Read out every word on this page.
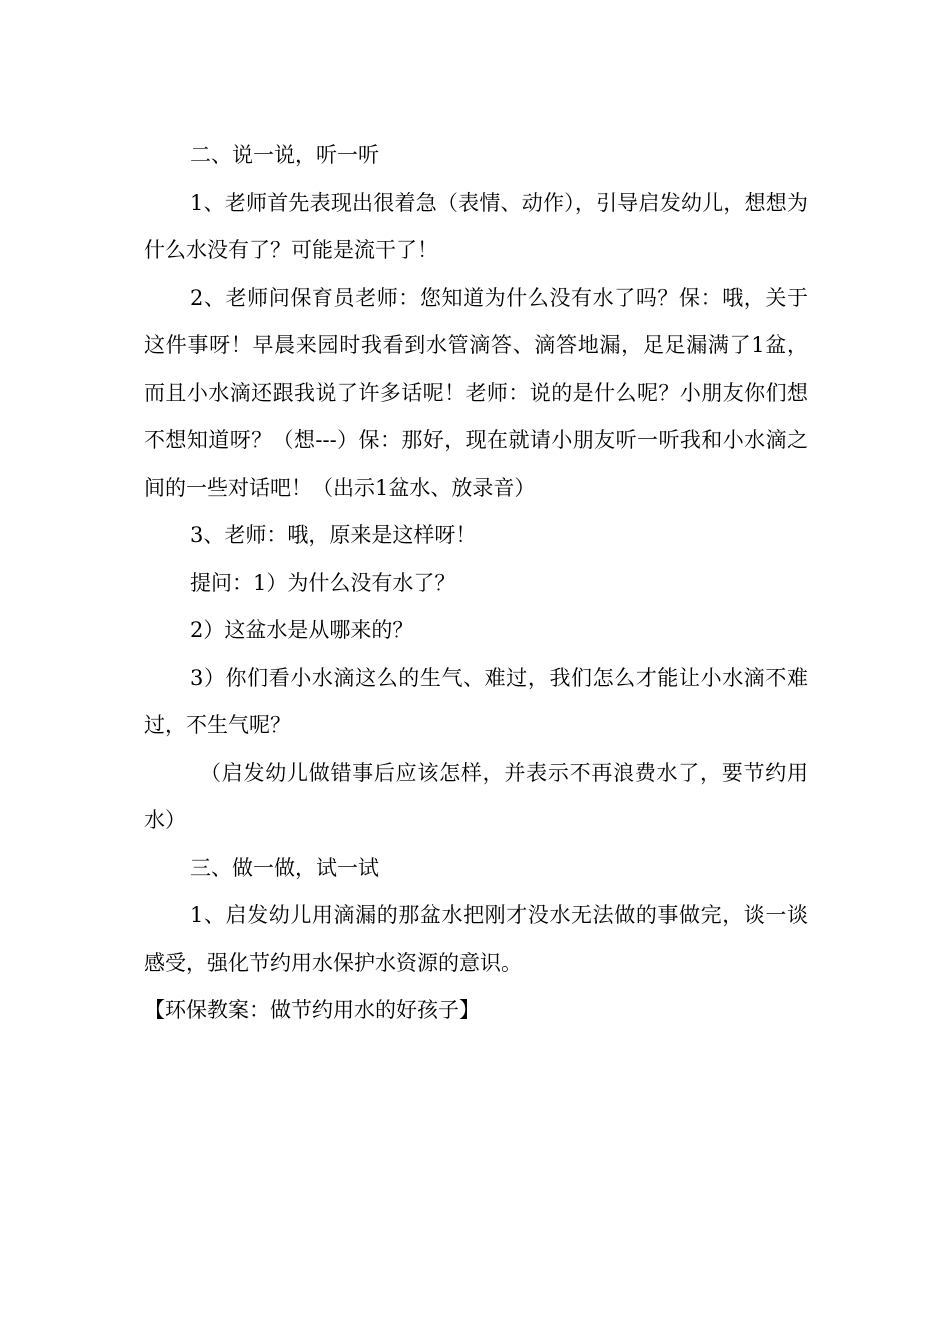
二、说一说，听一听

1、老师首先表现出很着急（表情、动作），引导启发幼儿，想想为什么水没有了？可能是流干了！

2、老师问保育员老师：您知道为什么没有水了吗？保：哦，关于这件事呀！早晨来园时我看到水管滴答、滴答地漏，足足漏满了1盆，而且小水滴还跟我说了许多话呢！老师：说的是什么呢？小朋友你们想不想知道呀？（想---）保：那好，现在就请小朋友听一听我和小水滴之间的一些对话吧！（出示1盆水、放录音）

3、老师：哦，原来是这样呀！

提问：1）为什么没有水了？

2）这盆水是从哪来的？

3）你们看小水滴这么的生气、难过，我们怎么才能让小水滴不难过，不生气呢？

（启发幼儿做错事后应该怎样，并表示不再浪费水了，要节约用水）

三、做一做，试一试

1、启发幼儿用滴漏的那盆水把刚才没水无法做的事做完，谈一谈感受，强化节约用水保护水资源的意识。

【环保教案：做节约用水的好孩子】
